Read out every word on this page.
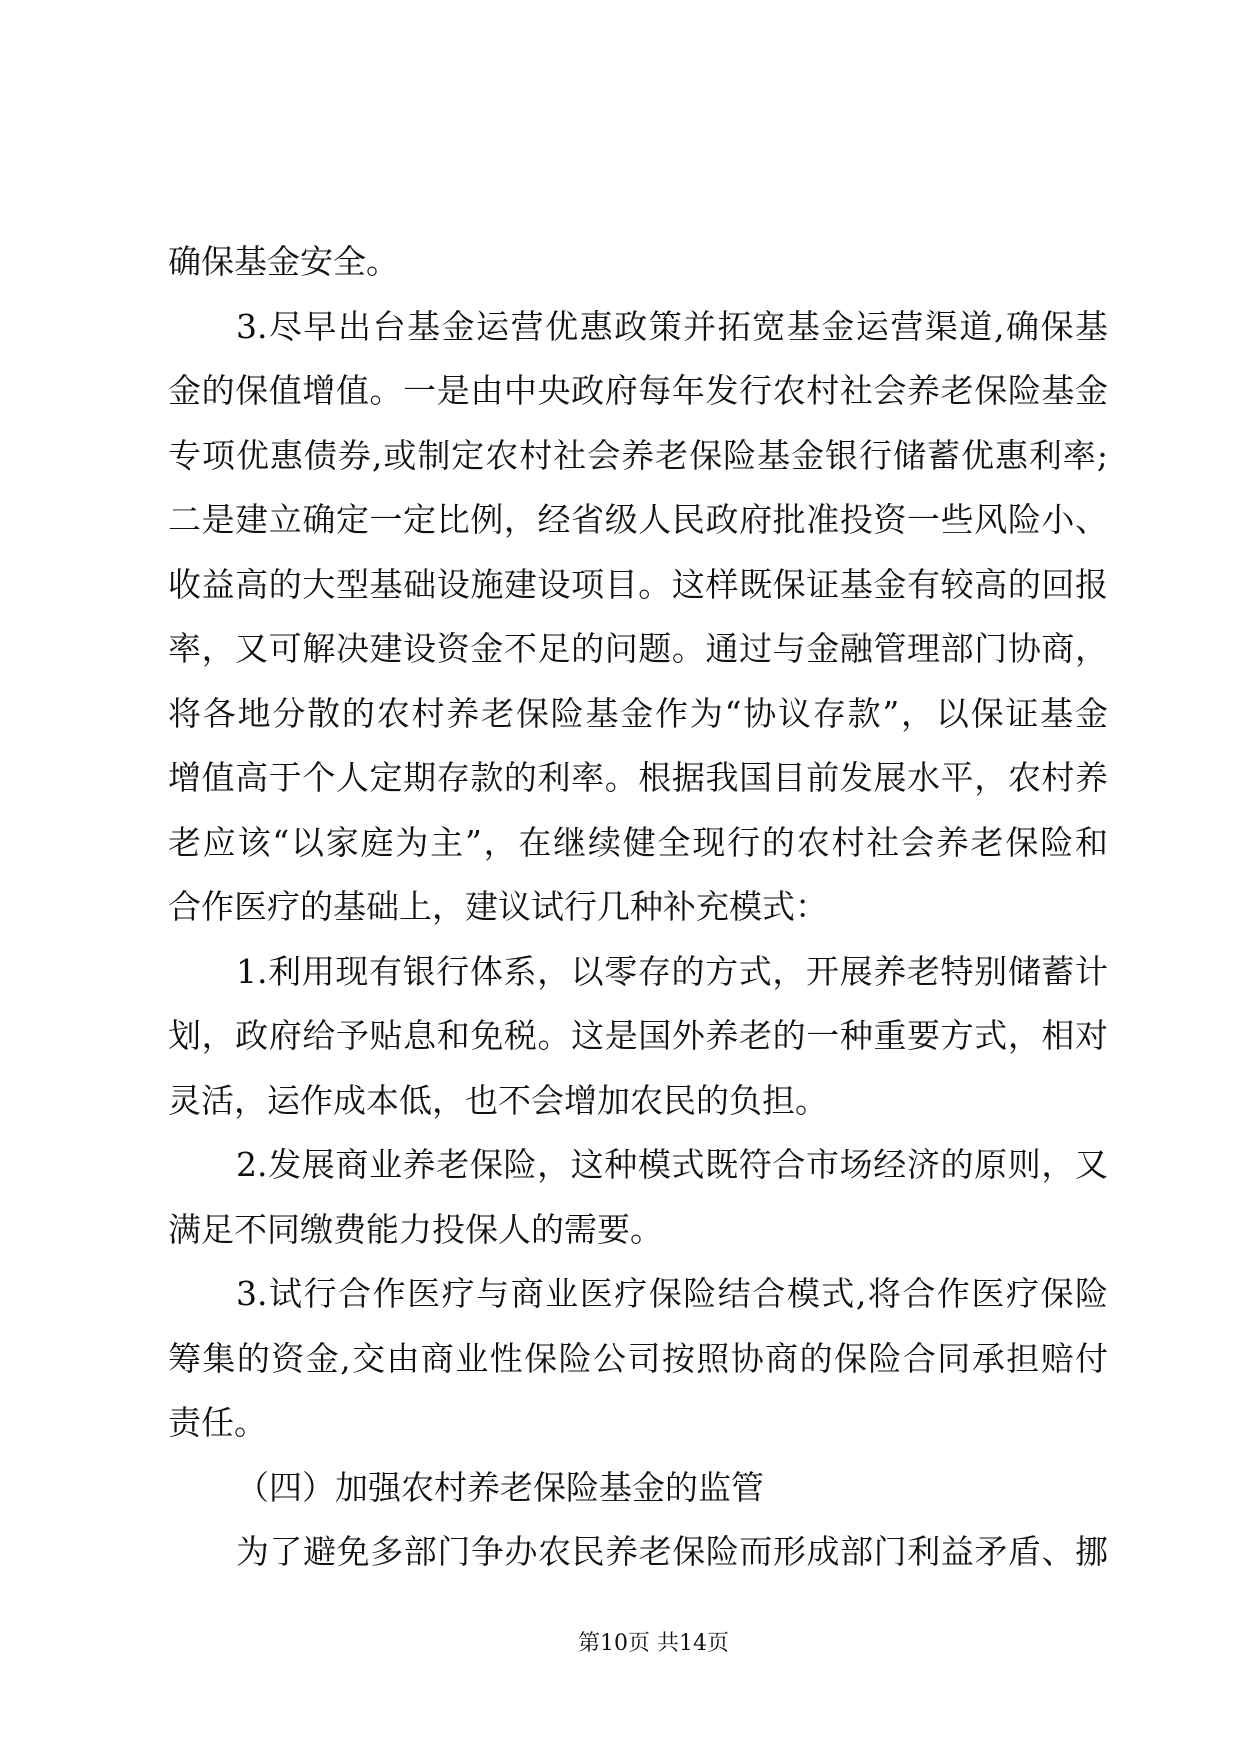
确保基金安全。
3.尽早出台基金运营优惠政策并拓宽基金运营渠道,确保基
金的保值增值。一是由中央政府每年发行农村社会养老保险基金
专项优惠债券,或制定农村社会养老保险基金银行储蓄优惠利率;
二是建立确定一定比例，经省级人民政府批准投资一些风险小、
收益高的大型基础设施建设项目。这样既保证基金有较高的回报
率，又可解决建设资金不足的问题。通过与金融管理部门协商，
将各地分散的农村养老保险基金作为“协议存款”，以保证基金
增值高于个人定期存款的利率。根据我国目前发展水平，农村养
老应该“以家庭为主”，在继续健全现行的农村社会养老保险和
合作医疗的基础上，建议试行几种补充模式：
1.利用现有银行体系，以零存的方式，开展养老特别储蓄计
划，政府给予贴息和免税。这是国外养老的一种重要方式，相对
灵活，运作成本低，也不会增加农民的负担。
2.发展商业养老保险，这种模式既符合市场经济的原则，又
满足不同缴费能力投保人的需要。
3.试行合作医疗与商业医疗保险结合模式,将合作医疗保险
筹集的资金,交由商业性保险公司按照协商的保险合同承担赔付
责任。
（四）加强农村养老保险基金的监管
为了避免多部门争办农民养老保险而形成部门利益矛盾、挪
第10页 共14页
